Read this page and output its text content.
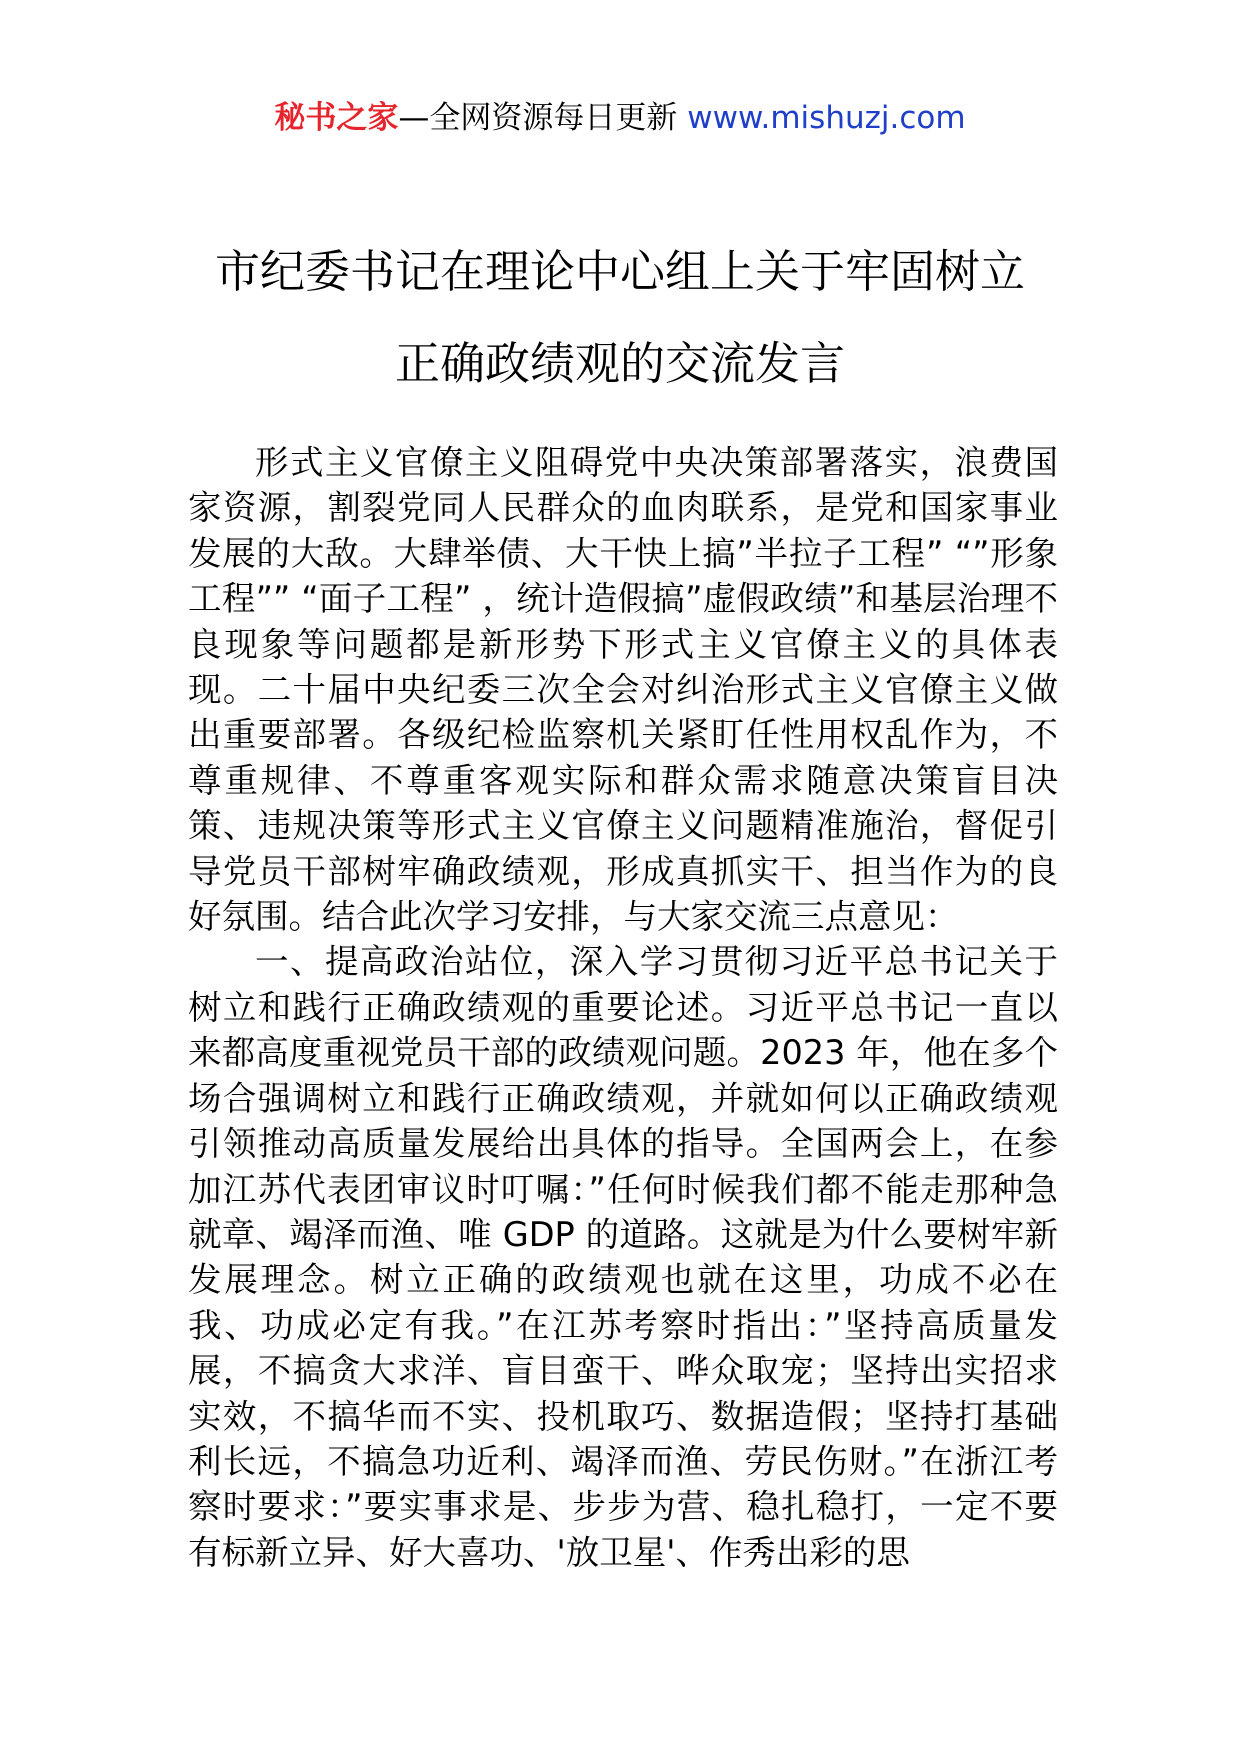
秘书之家—全网资源每日更新 www.mishuzj.com
市纪委书记在理论中心组上关于牢固树立
正确政绩观的交流发言

形式主义官僚主义阻碍党中央决策部署落实，浪费国家资源，割裂党同人民群众的血肉联系，是党和国家事业发展的大敌。大肆举债、大干快上搞”半拉子工程” “”形象工程”” “面子工程” ，统计造假搞”虚假政绩”和基层治理不良现象等问题都是新形势下形式主义官僚主义的具体表现。二十届中央纪委三次全会对纠治形式主义官僚主义做出重要部署。各级纪检监察机关紧盯任性用权乱作为，不尊重规律、不尊重客观实际和群众需求随意决策盲目决策、违规决策等形式主义官僚主义问题精准施治，督促引导党员干部树牢确政绩观，形成真抓实干、担当作为的良好氛围。结合此次学习安排，与大家交流三点意见：

一、提高政治站位，深入学习贯彻习近平总书记关于树立和践行正确政绩观的重要论述。习近平总书记一直以来都高度重视党员干部的政绩观问题。2023 年，他在多个场合强调树立和践行正确政绩观，并就如何以正确政绩观引领推动高质量发展给出具体的指导。全国两会上，在参加江苏代表团审议时叮嘱：”任何时候我们都不能走那种急就章、竭泽而渔、唯 GDP 的道路。这就是为什么要树牢新发展理念。树立正确的政绩观也就在这里，功成不必在我、功成必定有我。”在江苏考察时指出：”坚持高质量发展，不搞贪大求洋、盲目蛮干、哗众取宠；坚持出实招求实效，不搞华而不实、投机取巧、数据造假；坚持打基础利长远，不搞急功近利、竭泽而渔、劳民伤财。”在浙江考察时要求：”要实事求是、步步为营、稳扎稳打，一定不要有标新立异、好大喜功、'放卫星'、作秀出彩的思
